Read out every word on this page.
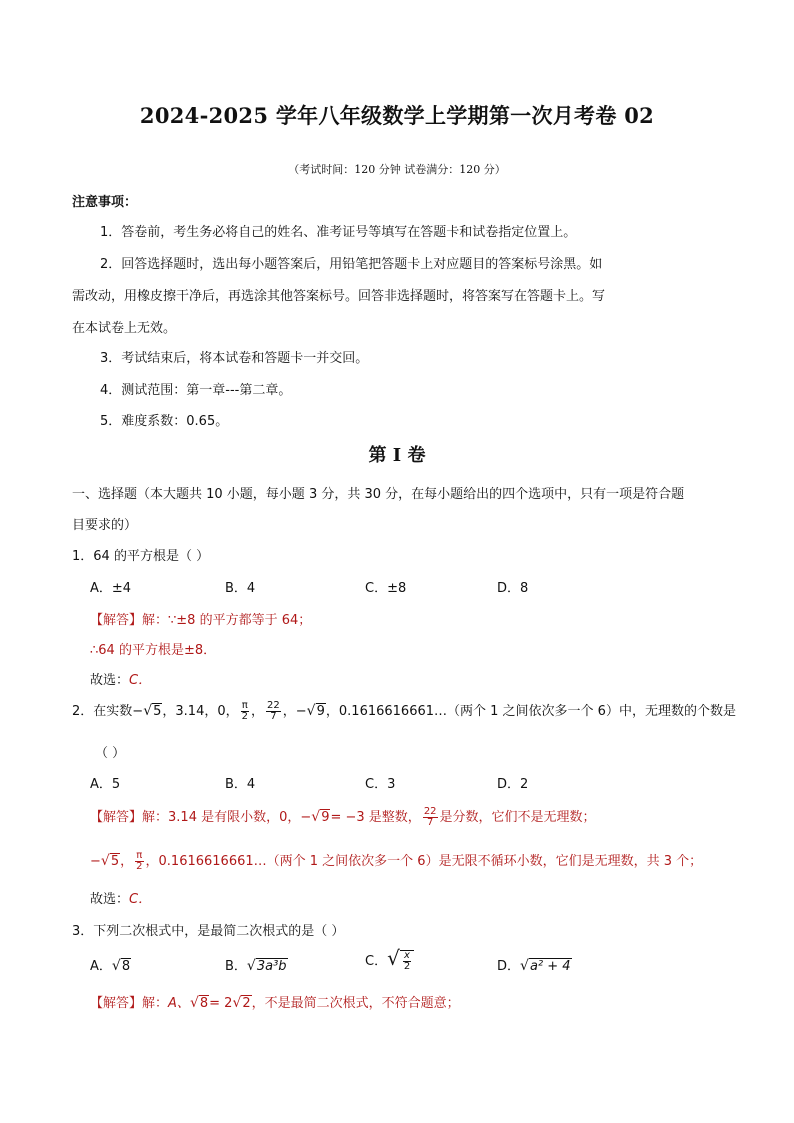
2024-2025 学年八年级数学上学期第一次月考卷 02
（考试时间：120 分钟 试卷满分：120 分）
注意事项：
1．答卷前，考生务必将自己的姓名、准考证号等填写在答题卡和试卷指定位置上。
2．回答选择题时，选出每小题答案后，用铅笔把答题卡上对应题目的答案标号涂黑。如
需改动，用橡皮擦干净后，再选涂其他答案标号。回答非选择题时，将答案写在答题卡上。写
在本试卷上无效。
3．考试结束后，将本试卷和答题卡一并交回。
4．测试范围：第一章---第二章。
5．难度系数：0.65。
第 Ⅰ 卷
一、选择题（本大题共 10 小题，每小题 3 分，共 30 分，在每小题给出的四个选项中，只有一项是符合题
目要求的）
1．64 的平方根是（ ）
A．±4	B．4	C．±8	D．8
【解答】解：∵±8 的平方都等于 64；
∴64 的平方根是±8．
故选：C．
2．在实数−√5，3.14，0， $\frac{\pi}{2}$ ， $\frac{22}{7}$ ，−√9，0.1616616661…（两个 1 之间依次多一个 6）中，无理数的个数是
（ ）
A．5	B．4	C．3	D．2
【解答】解：3.14 是有限小数，0，−√9= −3 是整数， $\frac{22}{7}$ 是分数，它们不是无理数；
−√5， $\frac{\pi}{2}$ ，0.1616616661…（两个 1 之间依次多一个 6）是无限不循环小数，它们是无理数，共 3 个；
故选：C．
3．下列二次根式中，是最简二次根式的是（ ）
A．√8	B．√3a³b	C．√ $\frac{x}{2}$	D．√a² + 4
【解答】解：A、√8= 2√2，不是最简二次根式，不符合题意；
